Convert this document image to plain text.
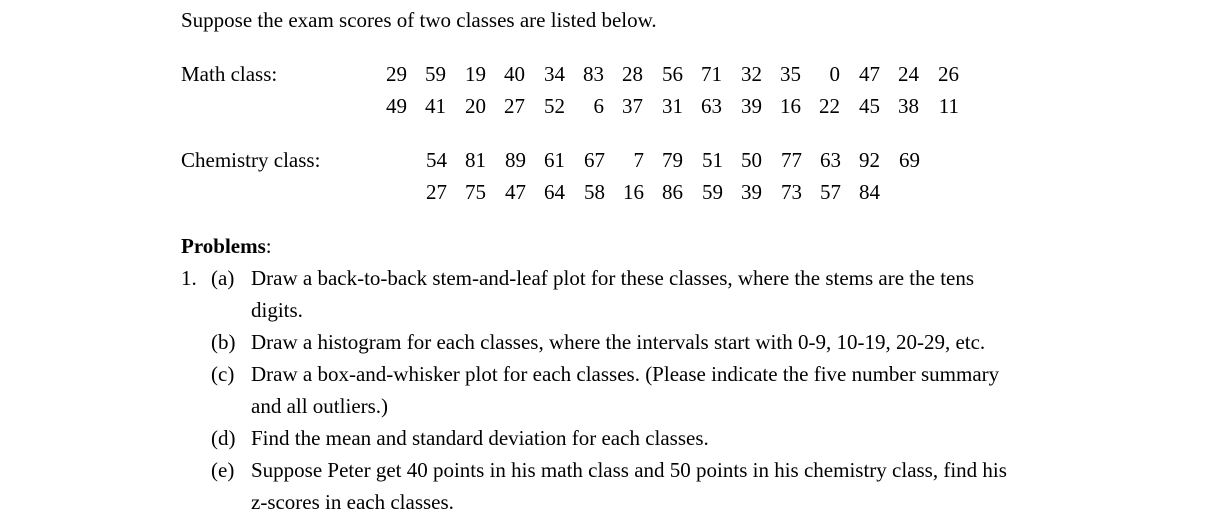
Suppose the exam scores of two classes are listed below.
Math class:	29 59 19 40 34 83 28 56 71 32 35	0 47 24 26
49 41 20 27 52	6 37 31 63 39 16 22 45 38 11
Chemistry class:	54 81 89 61 67	7 79 51 50 77 63 92 69
27 75 47 64 58 16 86 59 39 73 57 84
Problems:
1. (a) Draw a back-to-back stem-and-leaf plot for these classes, where the stems are the tens
digits.
(b) Draw a histogram for each classes, where the intervals start with 0-9, 10-19, 20-29, etc.
(c) Draw a box-and-whisker plot for each classes. (Please indicate the five number summary
and all outliers.)
(d) Find the mean and standard deviation for each classes.
(e) Suppose Peter get 40 points in his math class and 50 points in his chemistry class, find his
z-scores in each classes.
